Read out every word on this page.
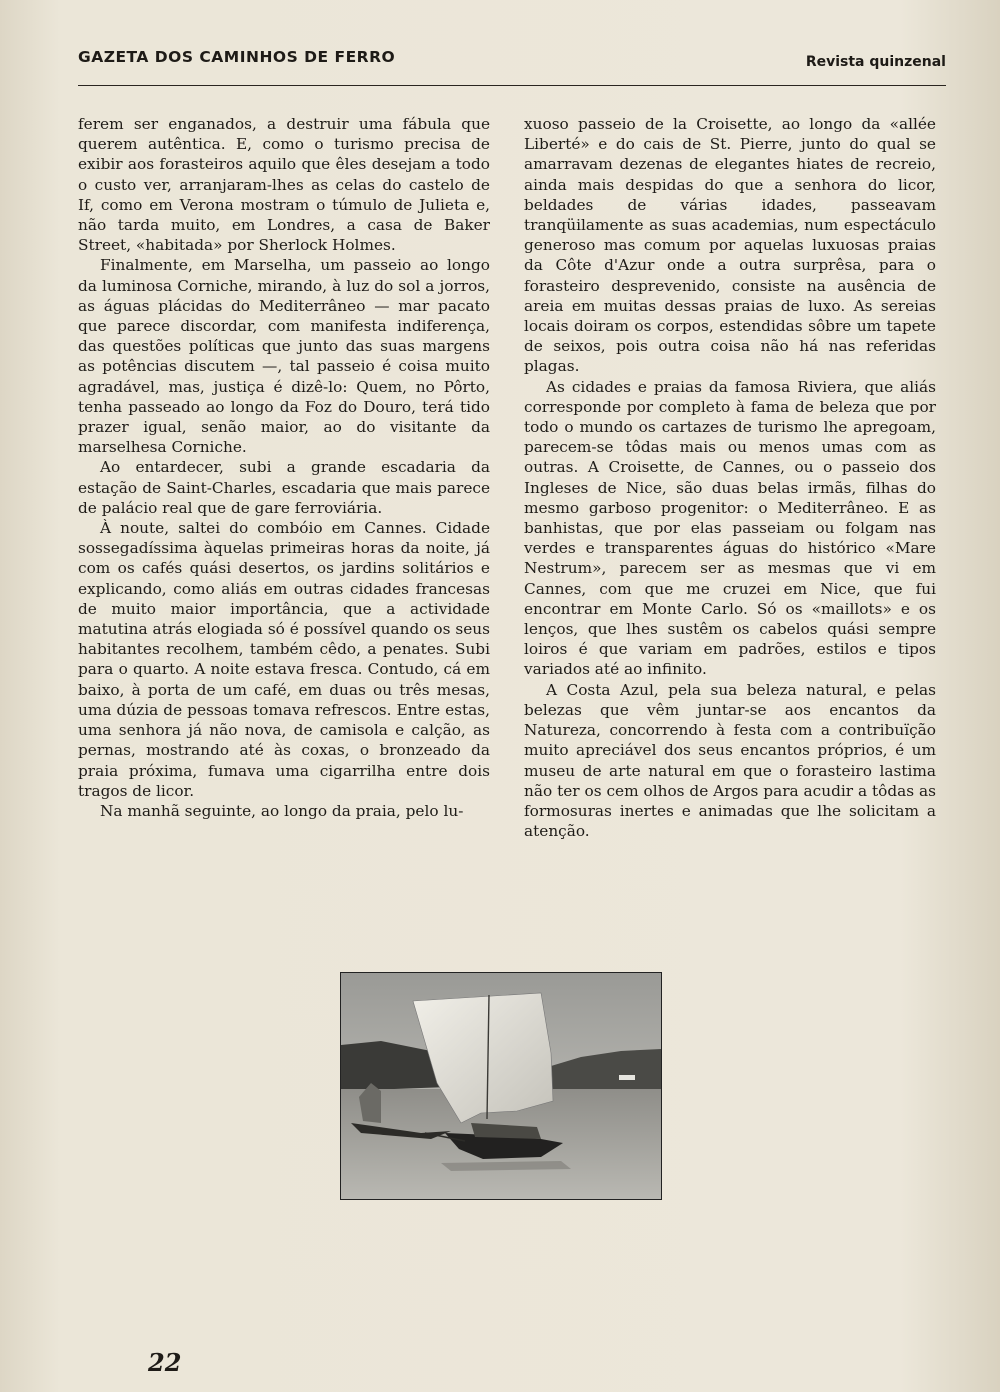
GAZETA DOS CAMINHOS DE FERRO	Revista quinzenal

ferem ser enganados, a destruir uma fábula que querem autêntica. E, como o turismo precisa de exibir aos forasteiros aquilo que êles desejam a todo o custo ver, arranjaram-lhes as celas do castelo de If, como em Verona mostram o túmulo de Julieta e, não tarda muito, em Londres, a casa de Baker Street, «habitada» por Sherlock Holmes.

Finalmente, em Marselha, um passeio ao longo da luminosa Corniche, mirando, à luz do sol a jorros, as águas plácidas do Mediterrâneo — mar pacato que parece discordar, com manifesta indiferença, das questões políticas que junto das suas margens as potências discutem —, tal passeio é coisa muito agradável, mas, justiça é dizê-lo: Quem, no Pôrto, tenha passeado ao longo da Foz do Douro, terá tido prazer igual, senão maior, ao do visitante da marselhesa Corniche.

Ao entardecer, subi a grande escadaria da estação de Saint-Charles, escadaria que mais parece de palácio real que de gare ferroviária.

À noute, saltei do combóio em Cannes. Cidade sossegadíssima àquelas primeiras horas da noite, já com os cafés quási desertos, os jardins solitários e explicando, como aliás em outras cidades francesas de muito maior importância, que a actividade matutina atrás elogiada só é possível quando os seus habitantes recolhem, também cêdo, a penates. Subi para o quarto. A noite estava fresca. Contudo, cá em baixo, à porta de um café, em duas ou três mesas, uma dúzia de pessoas tomava refrescos. Entre estas, uma senhora já não nova, de camisola e calção, as pernas, mostrando até às coxas, o bronzeado da praia próxima, fumava uma cigarrilha entre dois tragos de licor.

Na manhã seguinte, ao longo da praia, pelo lu-

xuoso passeio de la Croisette, ao longo da «allée Liberté» e do cais de St. Pierre, junto do qual se amarravam dezenas de elegantes hiates de recreio, ainda mais despidas do que a senhora do licor, beldades de várias idades, passeavam tranqüilamente as suas academias, num espectáculo generoso mas comum por aquelas luxuosas praias da Côte d'Azur onde a outra surprêsa, para o forasteiro desprevenido, consiste na ausência de areia em muitas dessas praias de luxo. As sereias locais doiram os corpos, estendidas sôbre um tapete de seixos, pois outra coisa não há nas referidas plagas.

As cidades e praias da famosa Riviera, que aliás corresponde por completo à fama de beleza que por todo o mundo os cartazes de turismo lhe apregoam, parecem-se tôdas mais ou menos umas com as outras. A Croisette, de Cannes, ou o passeio dos Ingleses de Nice, são duas belas irmãs, filhas do mesmo garboso progenitor: o Mediterrâneo. E as banhistas, que por elas passeiam ou folgam nas verdes e transparentes águas do histórico «Mare Nestrum», parecem ser as mesmas que vi em Cannes, com que me cruzei em Nice, que fui encontrar em Monte Carlo. Só os «maillots» e os lenços, que lhes sustêm os cabelos quási sempre loiros é que variam em padrões, estilos e tipos variados até ao infinito.

A Costa Azul, pela sua beleza natural, e pelas belezas que vêm juntar-se aos encantos da Natureza, concorrendo à festa com a contribuïção muito apreciável dos seus encantos próprios, é um museu de arte natural em que o forasteiro lastima não ter os cem olhos de Argos para acudir a tôdas as formosuras inertes e animadas que lhe solicitam a atenção.

22
